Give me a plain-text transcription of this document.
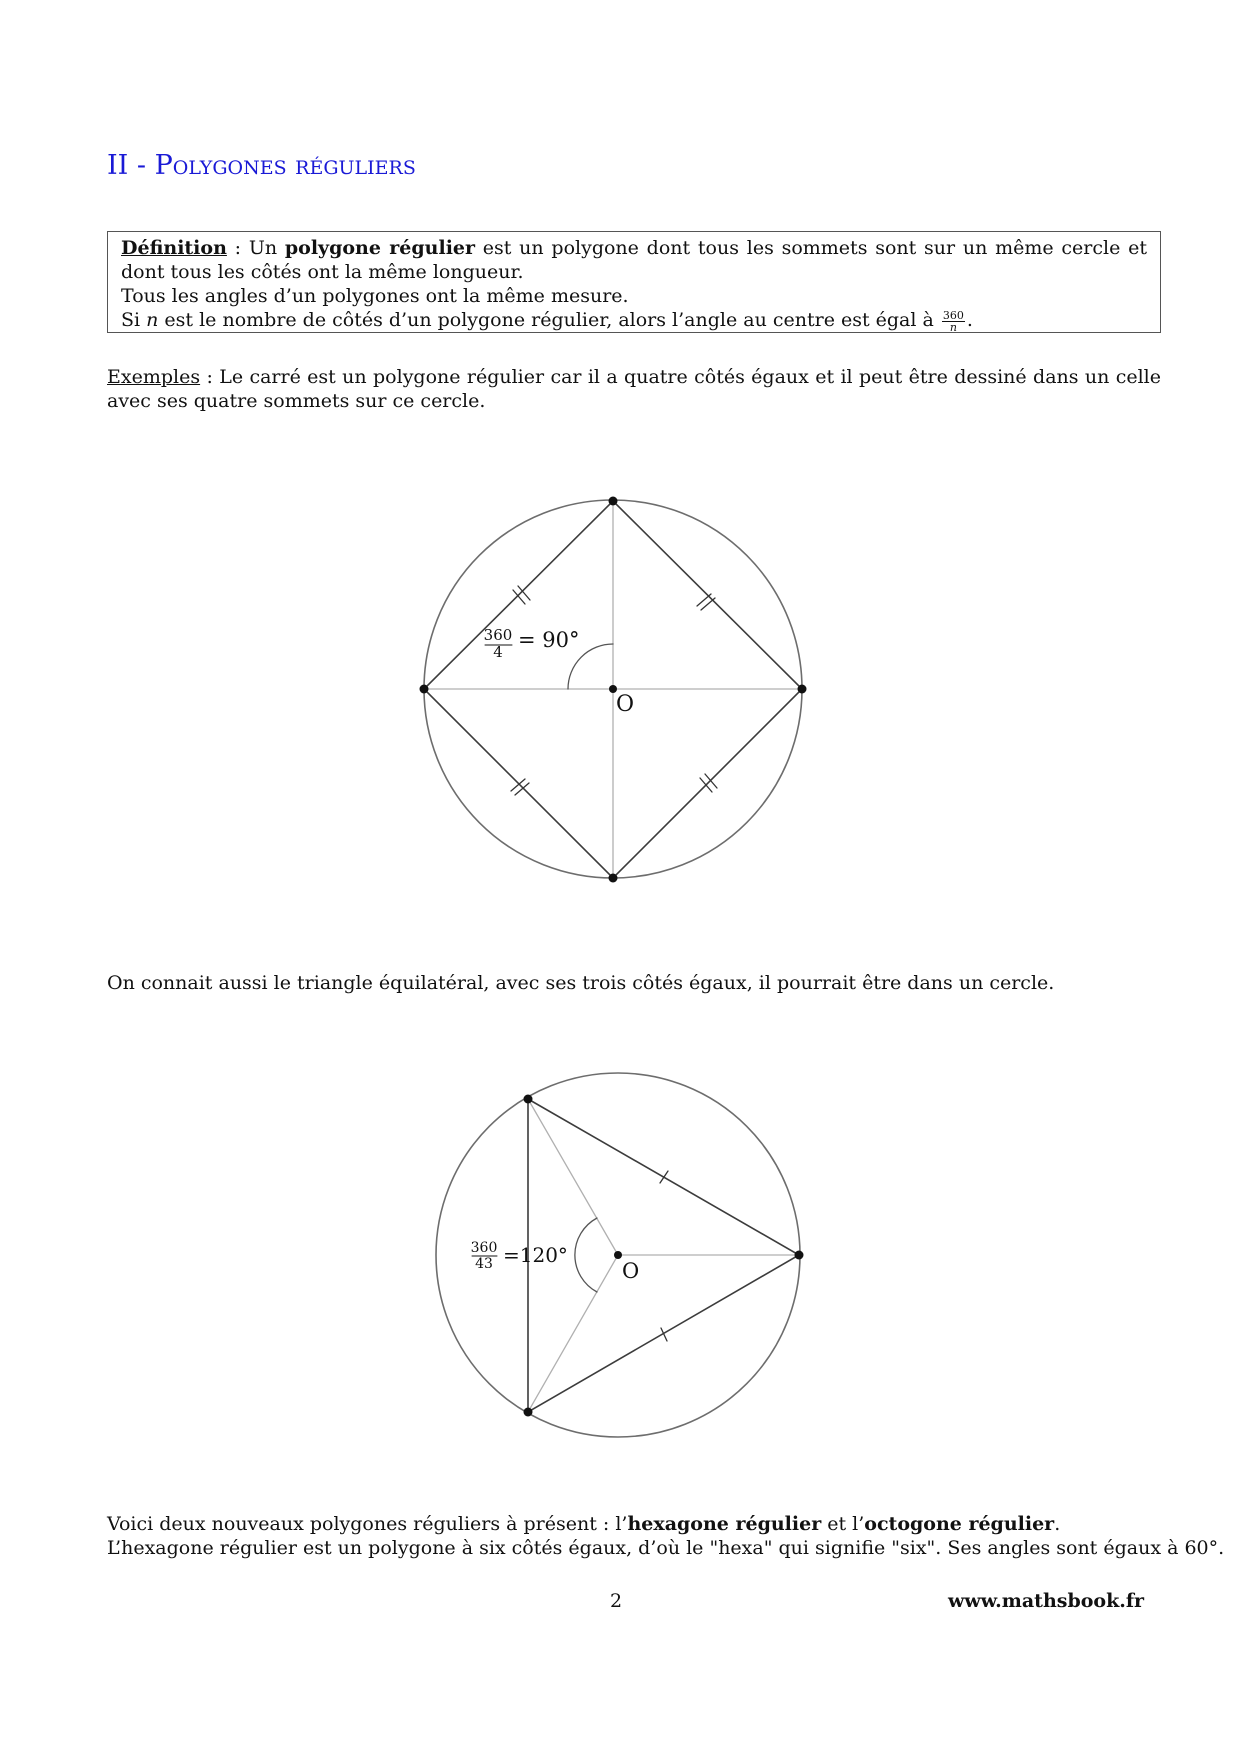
II - Polygones réguliers

Définition : Un polygone régulier est un polygone dont tous les sommets sont sur un même cercle et dont tous les côtés ont la même longueur.

Tous les angles d’un polygones ont la même mesure.

Si n est le nombre de côtés d’un polygone régulier, alors l’angle au centre est égal à $\frac{360}{n}$ .

Exemples : Le carré est un polygone régulier car il a quatre côtés égaux et il peut être dessiné dans un celle avec ses quatre sommets sur ce cercle.

360
4 = 90°
O
360
43 =120°
O

On connait aussi le triangle équilatéral, avec ses trois côtés égaux, il pourrait être dans un cercle.

Voici deux nouveaux polygones réguliers à présent : l’hexagone régulier et l’octogone régulier.

L’hexagone régulier est un polygone à six côtés égaux, d’où le "hexa" qui signifie "six". Ses angles sont égaux à 60°.

2	www.mathsbook.fr
